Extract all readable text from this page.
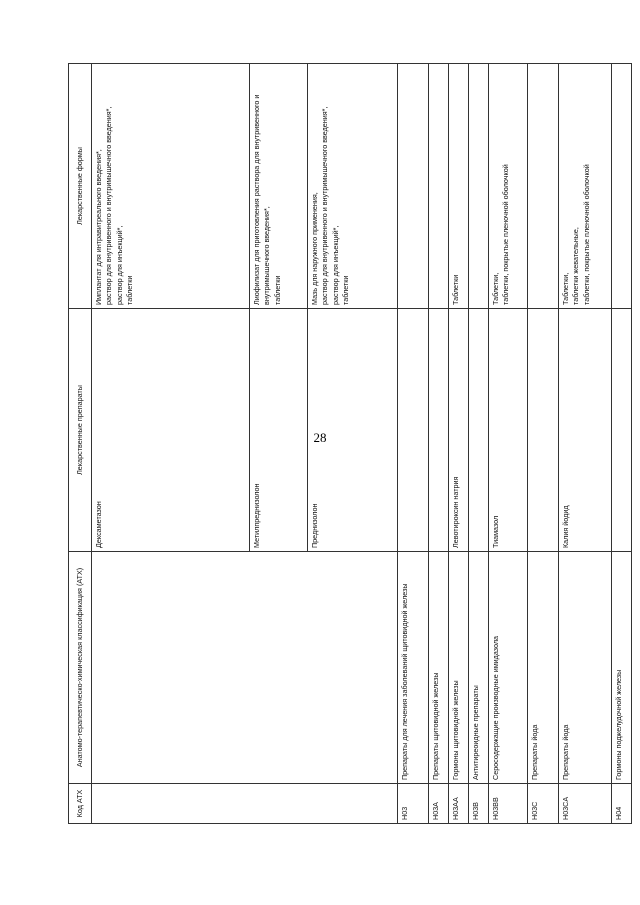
28
Код АТХ	Анатомо-терапевтическо-химическая классификация (АТХ)	Лекарственные препараты	Лекарственные формы
		Дексаметазон	Имплантат для интравитреального введения*, раствор для внутривенного и внутримышечного введения*, раствор для инъекций*, таблетки

		Метилпреднизолон	Лиофилизат для приготовления раствора для внутривенного и внутримышечного введения*, таблетки

		Преднизолон	Мазь для наружного применения, раствор для внутривенного и внутримышечного введения*, раствор для инъекций*, таблетки

H03	Препараты для лечения заболеваний щитовидной железы		
H03A	Препараты щитовидной железы		
H03AA	Гормоны щитовидной железы	Левотироксин натрия	Таблетки

H03B	Антитиреоидные препараты		
H03BB	Серосодержащие производные имидазола	Тиамазол	Таблетки, таблетки, покрытые пленочной оболочкой

H03C	Препараты йода		
H03CA	Препараты йода	Калия йодид	Таблетки, таблетки жевательные, таблетки, покрытые пленочной оболочкой

H04	Гормоны поджелудочной железы		
